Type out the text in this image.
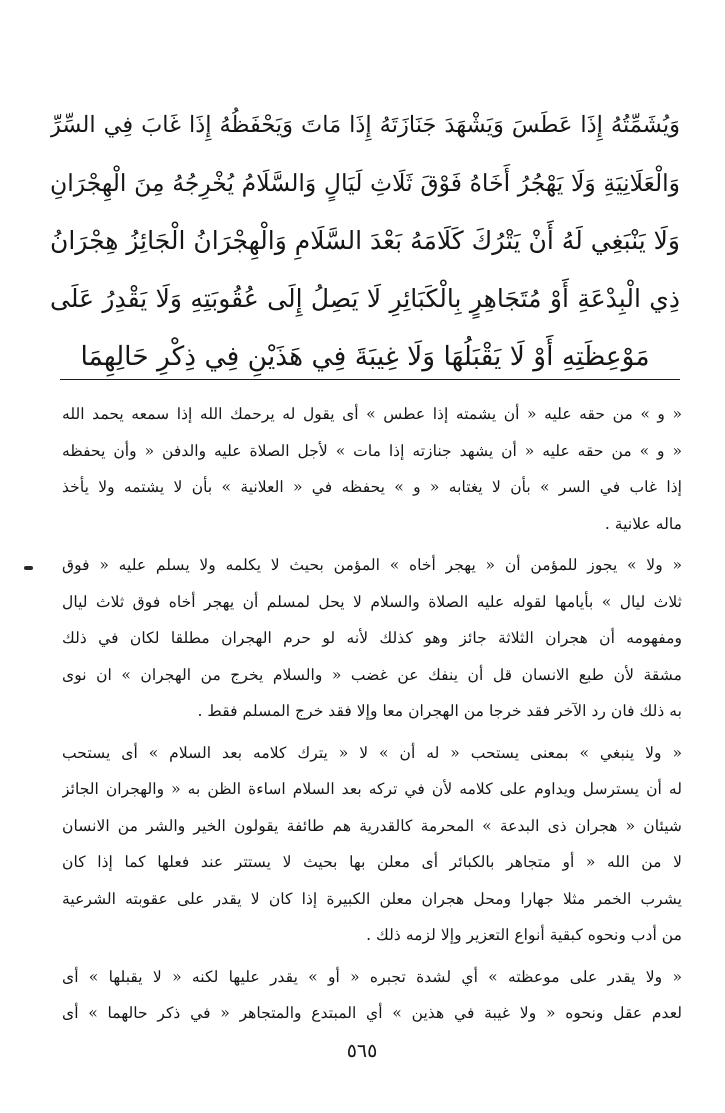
وَيُشَمِّتُهُ إِذَا عَطَسَ وَيَشْهَدَ جَنَازَتَهُ إِذَا مَاتَ وَيَحْفَظُهُ إِذَا غَابَ فِي السِّرِّ
وَالْعَلَانِيَةِ وَلَا يَهْجُرُ أَخَاهُ فَوْقَ ثَلَاثِ لَيَالٍ وَالسَّلَامُ يُخْرِجُهُ مِنَ الْهِجْرَانِ
وَلَا يَنْبَغِي لَهُ أَنْ يَتْرُكَ كَلَامَهُ بَعْدَ السَّلَامِ وَالْهِجْرَانُ الْجَائِزُ هِجْرَانُ
ذِي الْبِدْعَةِ أَوْ مُتَجَاهِرٍ بِالْكَبَائِرِ لَا يَصِلُ إِلَى عُقُوبَتِهِ وَلَا يَقْدِرُ عَلَى
مَوْعِظَتِهِ أَوْ لَا يَقْبَلُهَا وَلَا غِيبَةَ فِي هَذَيْنِ فِي ذِكْرِ حَالِهِمَا
« و » من حقه عليه « أن يشمته إذا عطس » أى يقول له يرحمك الله إذا سمعه يحمد الله
« و » من حقه عليه « أن يشهد جنازته إذا مات » لأجل الصلاة عليه والدفن « وأن يحفظه
إذا غاب في السر » بأن لا يغتابه « و » يحفظه في « العلانية » بأن لا يشتمه ولا يأخذ
ماله علانية .
« ولا » يجوز للمؤمن أن « يهجر أخاه » المؤمن بحيث لا يكلمه ولا يسلم عليه « فوق
ثلاث ليال » بأيامها لقوله عليه الصلاة والسلام لا يحل لمسلم أن يهجر أخاه فوق ثلاث ليال
ومفهومه أن هجران الثلاثة جائز وهو كذلك لأنه لو حرم الهجران مطلقا لكان في ذلك
مشقة لأن طبع الانسان قل أن ينفك عن غضب « والسلام يخرج من الهجران » ان نوى
به ذلك فان رد الآخر فقد خرجا من الهجران معا وإلا فقد خرج المسلم فقط .
« ولا ينبغي » بمعنى يستحب « له أن » لا « يترك كلامه بعد السلام » أى يستحب
له أن يسترسل ويداوم على كلامه لأن في تركه بعد السلام اساءة الظن به « والهجران الجائز
شيئان « هجران ذى البدعة » المحرمة كالقدرية هم طائفة يقولون الخير والشر من الانسان
لا من الله « أو متجاهر بالكبائر أى معلن بها بحيث لا يستتر عند فعلها كما إذا كان
يشرب الخمر مثلا جهارا ومحل هجران معلن الكبيرة إذا كان لا يقدر على عقوبته الشرعية
من أدب ونحوه كبقية أنواع التعزير وإلا لزمه ذلك .
« ولا يقدر على موعظته » أي لشدة تجبره « أو » يقدر عليها لكنه « لا يقبلها » أى
لعدم عقل ونحوه « ولا غيبة في هذين » أي المبتدع والمتجاهر « في ذكر حالهما » أى
٥٦٥
